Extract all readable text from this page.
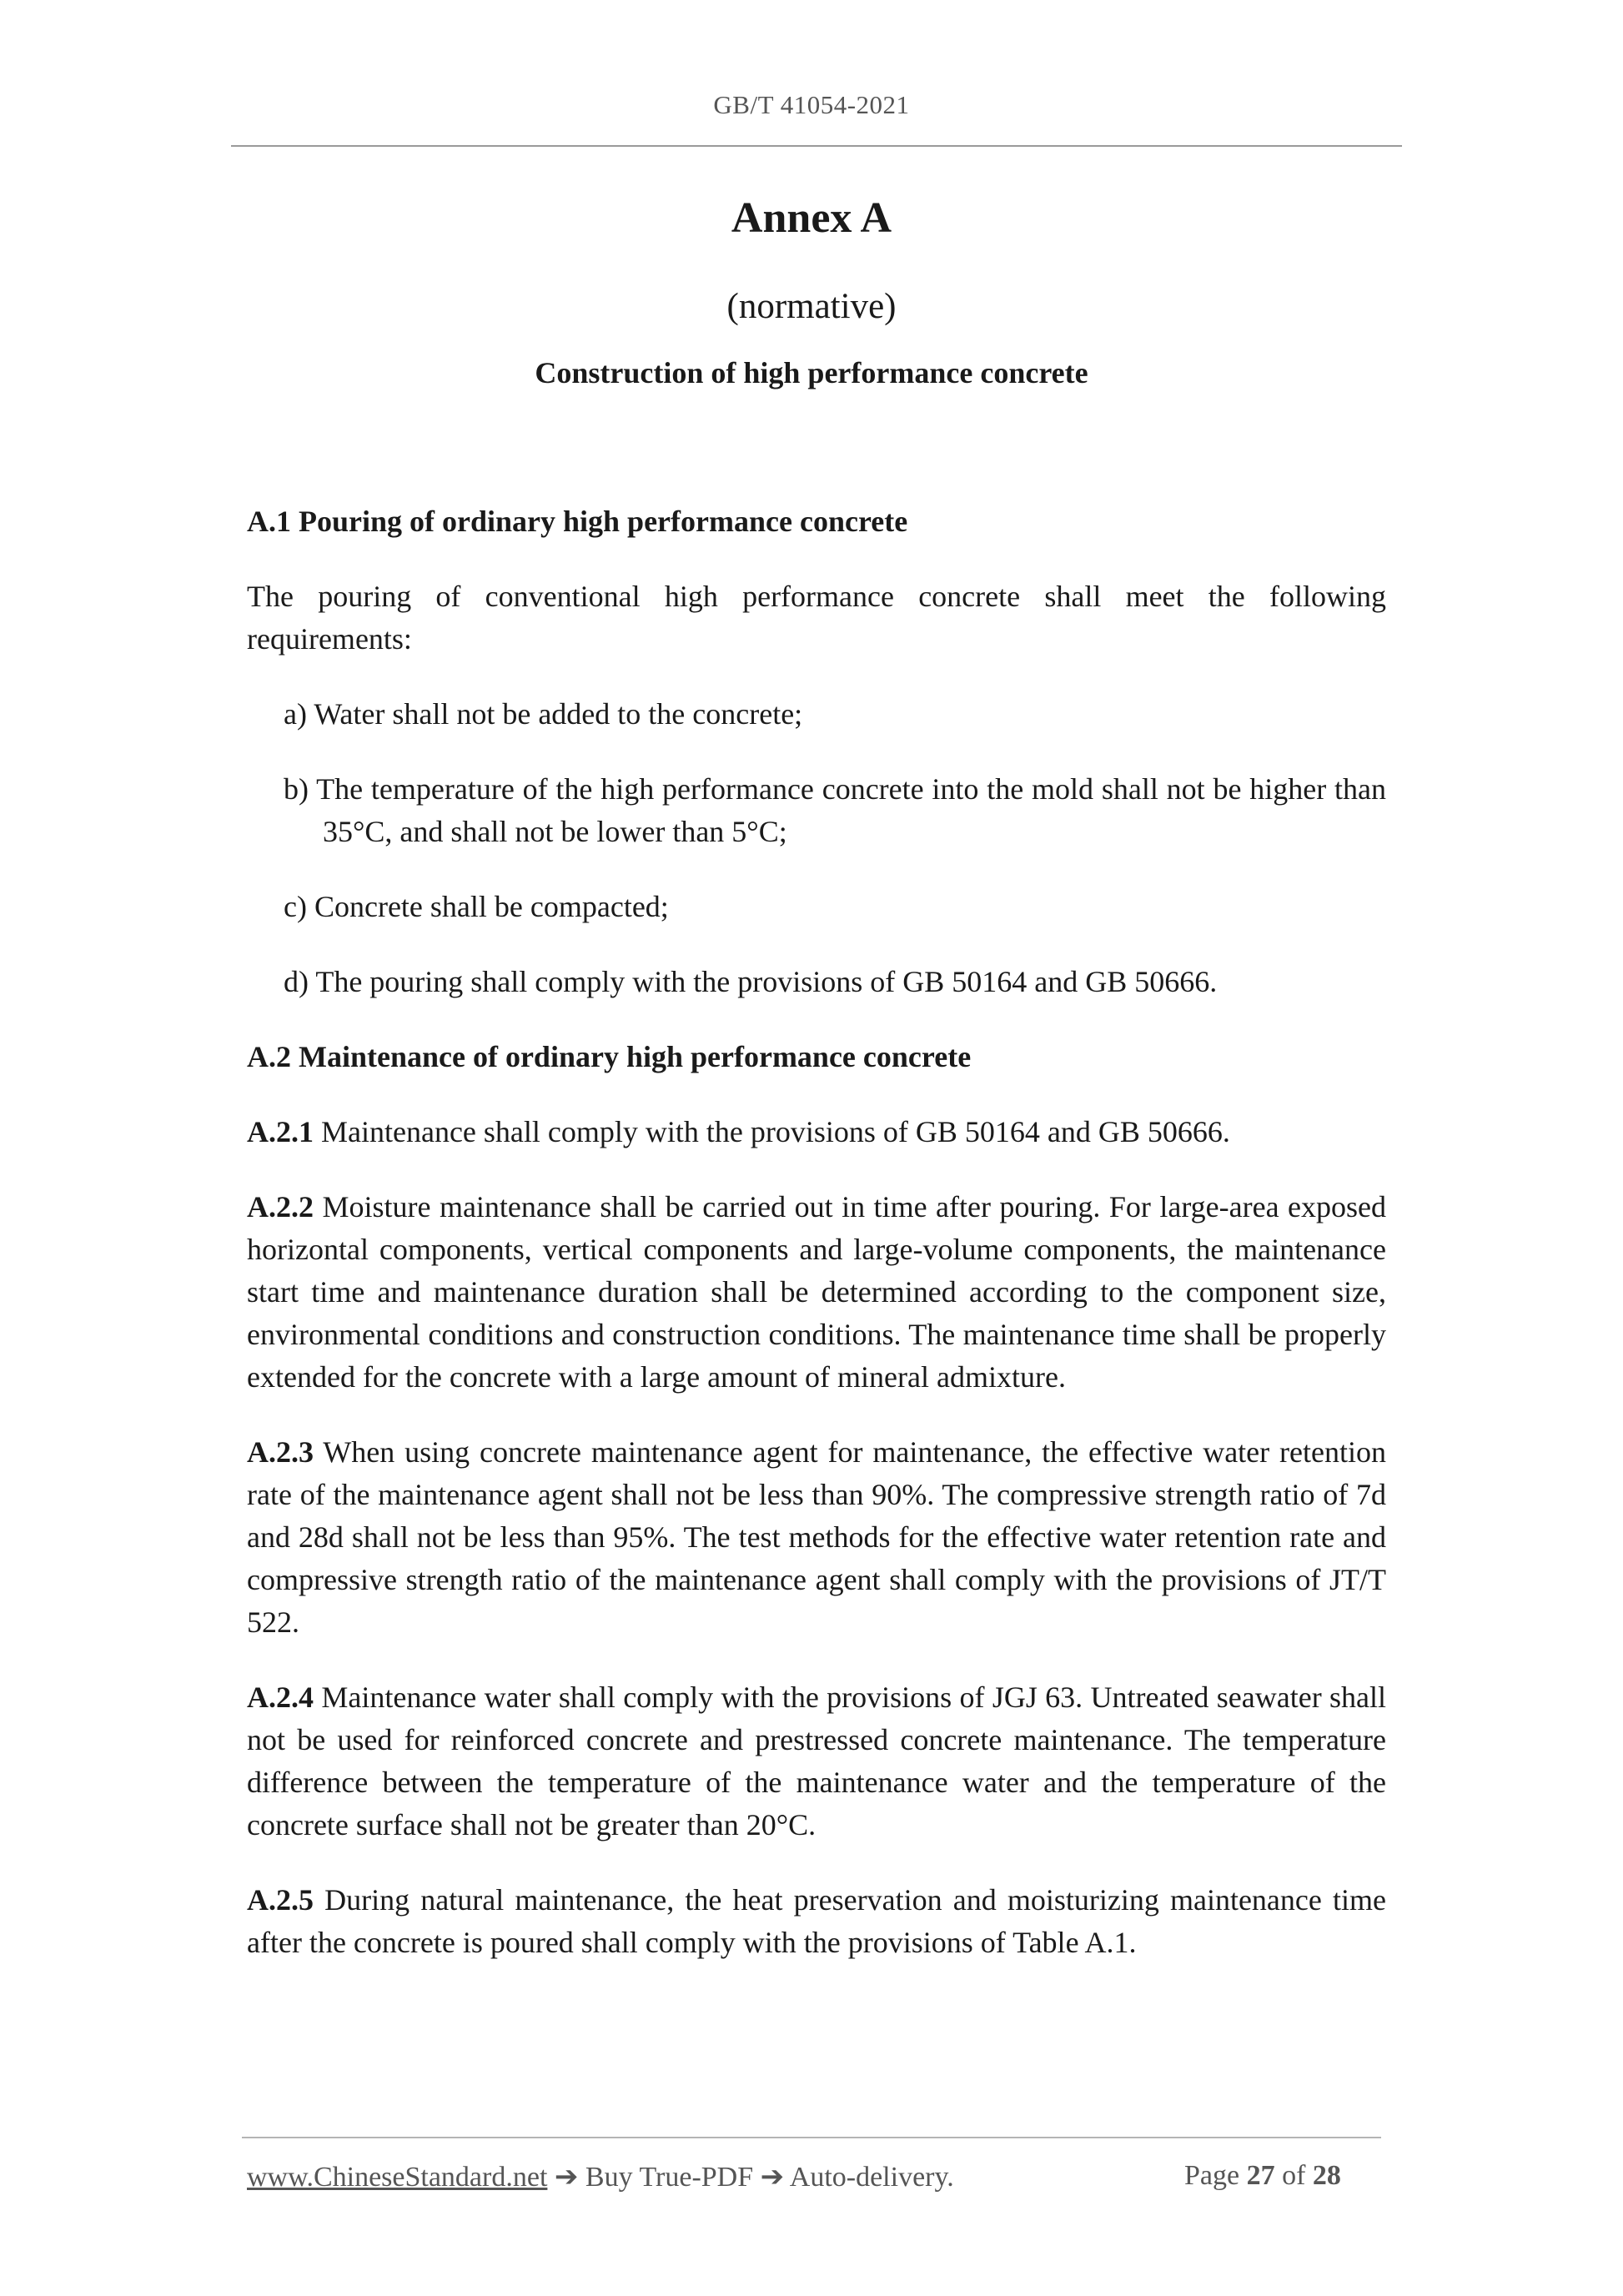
GB/T 41054-2021
Annex A
(normative)
Construction of high performance concrete

A.1 Pouring of ordinary high performance concrete

The pouring of conventional high performance concrete shall meet the following requirements:

a) Water shall not be added to the concrete;

b) The temperature of the high performance concrete into the mold shall not be higher than 35°C, and shall not be lower than 5°C;

c) Concrete shall be compacted;

d) The pouring shall comply with the provisions of GB 50164 and GB 50666.

A.2 Maintenance of ordinary high performance concrete

A.2.1 Maintenance shall comply with the provisions of GB 50164 and GB 50666.

A.2.2 Moisture maintenance shall be carried out in time after pouring. For large-area exposed horizontal components, vertical components and large-volume components, the maintenance start time and maintenance duration shall be determined according to the component size, environmental conditions and construction conditions. The maintenance time shall be properly extended for the concrete with a large amount of mineral admixture.

A.2.3 When using concrete maintenance agent for maintenance, the effective water retention rate of the maintenance agent shall not be less than 90%. The compressive strength ratio of 7d and 28d shall not be less than 95%. The test methods for the effective water retention rate and compressive strength ratio of the maintenance agent shall comply with the provisions of JT/T 522.

A.2.4 Maintenance water shall comply with the provisions of JGJ 63. Untreated seawater shall not be used for reinforced concrete and prestressed concrete maintenance. The temperature difference between the temperature of the maintenance water and the temperature of the concrete surface shall not be greater than 20°C.

A.2.5 During natural maintenance, the heat preservation and moisturizing maintenance time after the concrete is poured shall comply with the provisions of Table A.1.

www.ChineseStandard.net ➔ Buy True-PDF ➔ Auto-delivery.	Page 27 of 28
